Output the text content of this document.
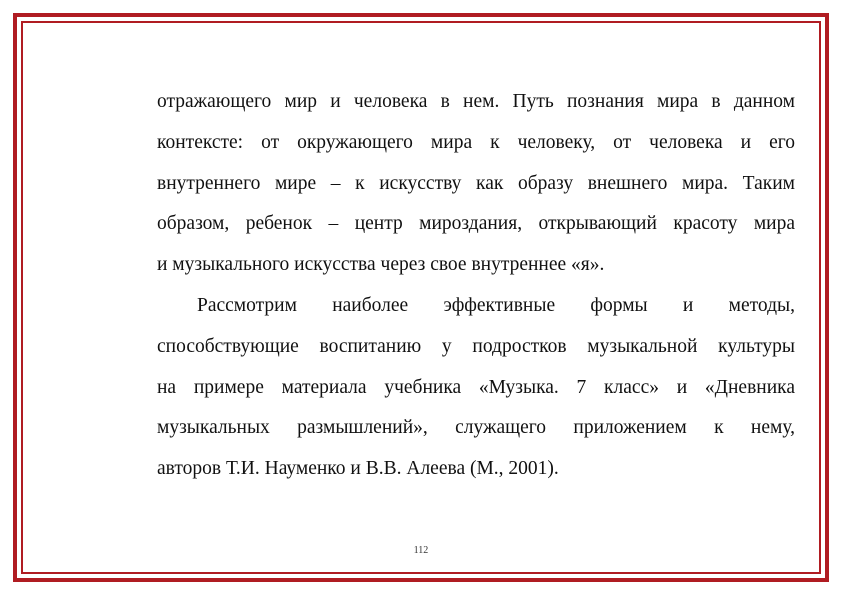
отражающего мир и человека в нем. Путь познания мира в данном
контексте: от окружающего мира к человеку, от человека и его
внутреннего мире – к искусству как образу внешнего мира. Таким
образом, ребенок – центр мироздания, открывающий красоту мира
и музыкального искусства через свое внутреннее «я».
Рассмотрим наиболее эффективные формы и методы,
способствующие воспитанию у подростков музыкальной культуры
на примере материала учебника «Музыка. 7 класс» и «Дневника
музыкальных размышлений», служащего приложением к нему,
авторов Т.И. Науменко и В.В. Алеева (М., 2001).
112
